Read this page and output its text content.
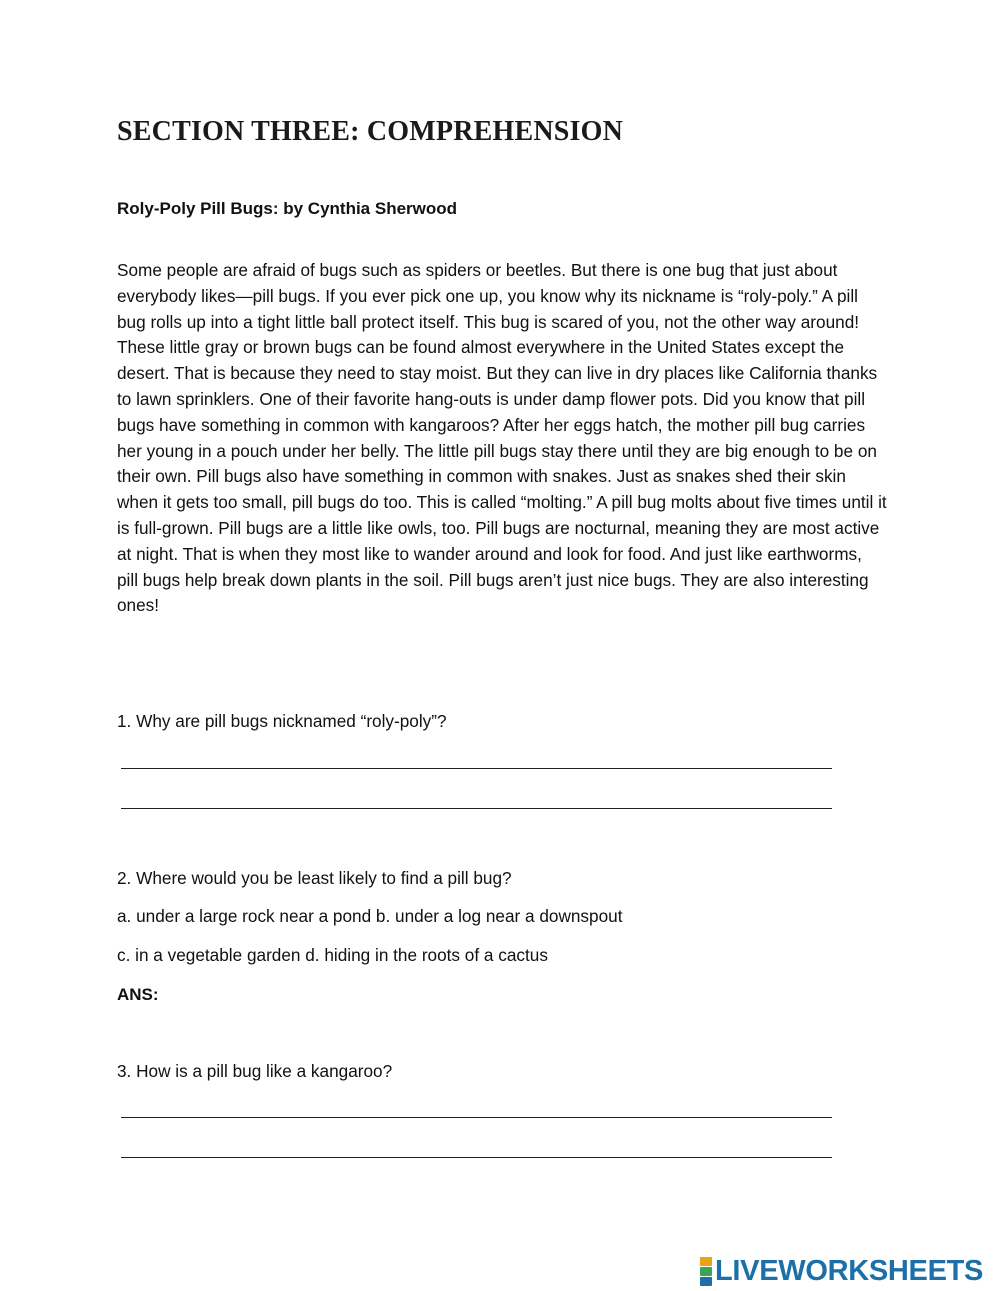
SECTION THREE: COMPREHENSION

Roly-Poly Pill Bugs: by Cynthia Sherwood

Some people are afraid of bugs such as spiders or beetles. But there is one bug that just about everybody likes—pill bugs. If you ever pick one up, you know why its nickname is “roly-poly.” A pill bug rolls up into a tight little ball protect itself. This bug is scared of you, not the other way around! These little gray or brown bugs can be found almost everywhere in the United States except the desert. That is because they need to stay moist. But they can live in dry places like California thanks to lawn sprinklers. One of their favorite hang-outs is under damp flower pots. Did you know that pill bugs have something in common with kangaroos? After her eggs hatch, the mother pill bug carries her young in a pouch under her belly. The little pill bugs stay there until they are big enough to be on their own. Pill bugs also have something in common with snakes. Just as snakes shed their skin when it gets too small, pill bugs do too. This is called “molting.” A pill bug molts about five times until it is full-grown. Pill bugs are a little like owls, too. Pill bugs are nocturnal, meaning they are most active at night. That is when they most like to wander around and look for food. And just like earthworms, pill bugs help break down plants in the soil. Pill bugs aren’t just nice bugs. They are also interesting ones!

1. Why are pill bugs nicknamed “roly-poly”?

2. Where would you be least likely to find a pill bug?

a. under a large rock near a pond b. under a log near a downspout

c. in a vegetable garden d. hiding in the roots of a cactus

ANS:

3. How is a pill bug like a kangaroo?

LIVEWORKSHEETS
